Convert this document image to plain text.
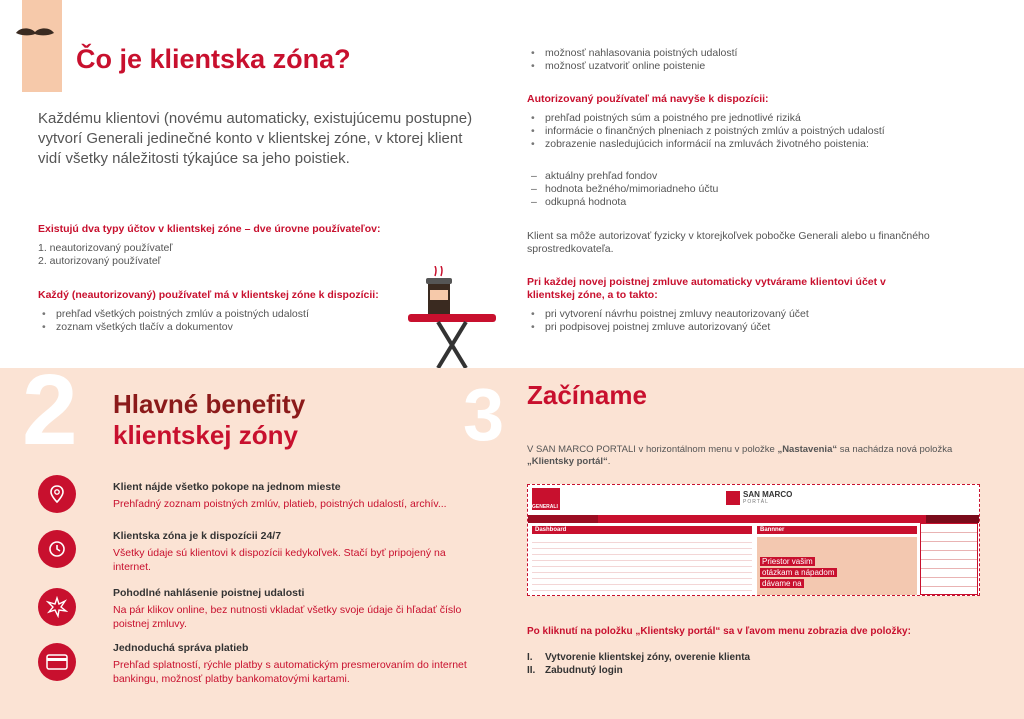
Čo je klientska zóna?
Každému klientovi (novému automaticky, existujúcemu postupne) vytvorí Generali jedinečné konto v klientskej zóne, v ktorej klient vidí všetky náležitosti týkajúce sa jeho poistiek.
Existujú dva typy účtov v klientskej zóne – dve úrovne používateľov:
1. neautorizovaný používateľ
2. autorizovaný používateľ
Každý (neautorizovaný) používateľ má v klientskej zóne k dispozícii:
• prehľad všetkých poistných zmlúv a poistných udalostí
• zoznam všetkých tlačív a dokumentov
• možnosť nahlasovania poistných udalostí
• možnosť uzatvoriť online poistenie
Autorizovaný používateľ má navyše k dispozícii:
• prehľad poistných súm a poistného pre jednotlivé riziká
• informácie o finančných plneniach z poistných zmlúv a poistných udalostí
• zobrazenie nasledujúcich informácií na zmluvách životného poistenia:
– aktuálny prehľad fondov
– hodnota bežného/mimoriadneho účtu
– odkupná hodnota
Klient sa môže autorizovať fyzicky v ktorejkoľvek pobočke Generali alebo u finančného sprostredkovateľa.
Pri každej novej poistnej zmluve automaticky vytvárame klientovi účet v klientskej zóne, a to takto:
• pri vytvorení návrhu poistnej zmluvy neautorizovaný účet
• pri podpisovej poistnej zmluve autorizovaný účet
2 Hlavné benefity
klientskej zóny
Klient nájde všetko pokope na jednom mieste
Prehľadný zoznam poistných zmlúv, platieb, poistných udalostí, archív...
Klientska zóna je k dispozícii 24/7
Všetky údaje sú klientovi k dispozícii kedykoľvek. Stačí byť pripojený na internet.
Pohodlné nahlásenie poistnej udalosti
Na pár klikov online, bez nutnosti vkladať všetky svoje údaje či hľadať číslo poistnej zmluvy.
Jednoduchá správa platieb
Prehľad splatností, rýchle platby s automatickým presmerovaním do internet bankingu, možnosť platby bankomatovými kartami.
3 Začíname
V SAN MARCO PORTALI v horizontálnom menu v položke „Nastavenia“ sa nachádza nová položka „Klientsky portál“.
GENERALI
SAN MARCO
PORTÁL
Dashboard	Bannner
Priestor vašim
otázkam a nápadom
dávame na
Po kliknutí na položku „Klientsky portál“ sa v ľavom menu zobrazia dve položky:
I. Vytvorenie klientskej zóny, overenie klienta
II. Zabudnutý login
